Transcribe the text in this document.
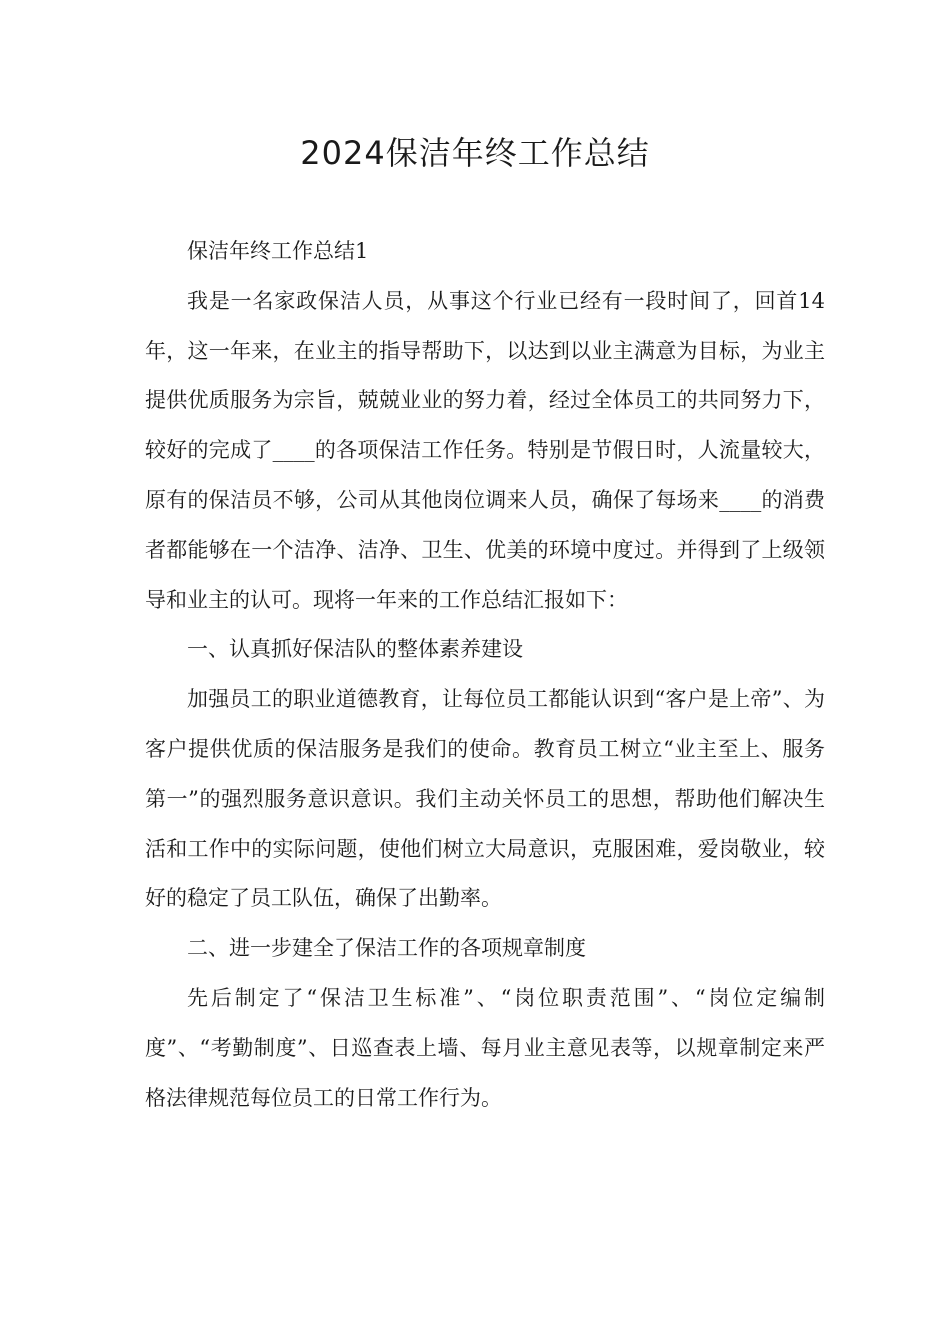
2024保洁年终工作总结

保洁年终工作总结1

我是一名家政保洁人员，从事这个行业已经有一段时间了，回首14年，这一年来，在业主的指导帮助下，以达到以业主满意为目标，为业主提供优质服务为宗旨，兢兢业业的努力着，经过全体员工的共同努力下，较好的完成了____的各项保洁工作任务。特别是节假日时，人流量较大，原有的保洁员不够，公司从其他岗位调来人员，确保了每场来____的消费者都能够在一个洁净、洁净、卫生、优美的环境中度过。并得到了上级领导和业主的认可。现将一年来的工作总结汇报如下：

一、认真抓好保洁队的整体素养建设

加强员工的职业道德教育，让每位员工都能认识到“客户是上帝”、为客户提供优质的保洁服务是我们的使命。教育员工树立“业主至上、服务第一”的强烈服务意识意识。我们主动关怀员工的思想，帮助他们解决生活和工作中的实际问题，使他们树立大局意识，克服困难，爱岗敬业，较好的稳定了员工队伍，确保了出勤率。

二、进一步建全了保洁工作的各项规章制度

先后制定了“保洁卫生标准”、“岗位职责范围”、“岗位定编制度”、“考勤制度”、日巡查表上墙、每月业主意见表等，以规章制定来严格法律规范每位员工的日常工作行为。
